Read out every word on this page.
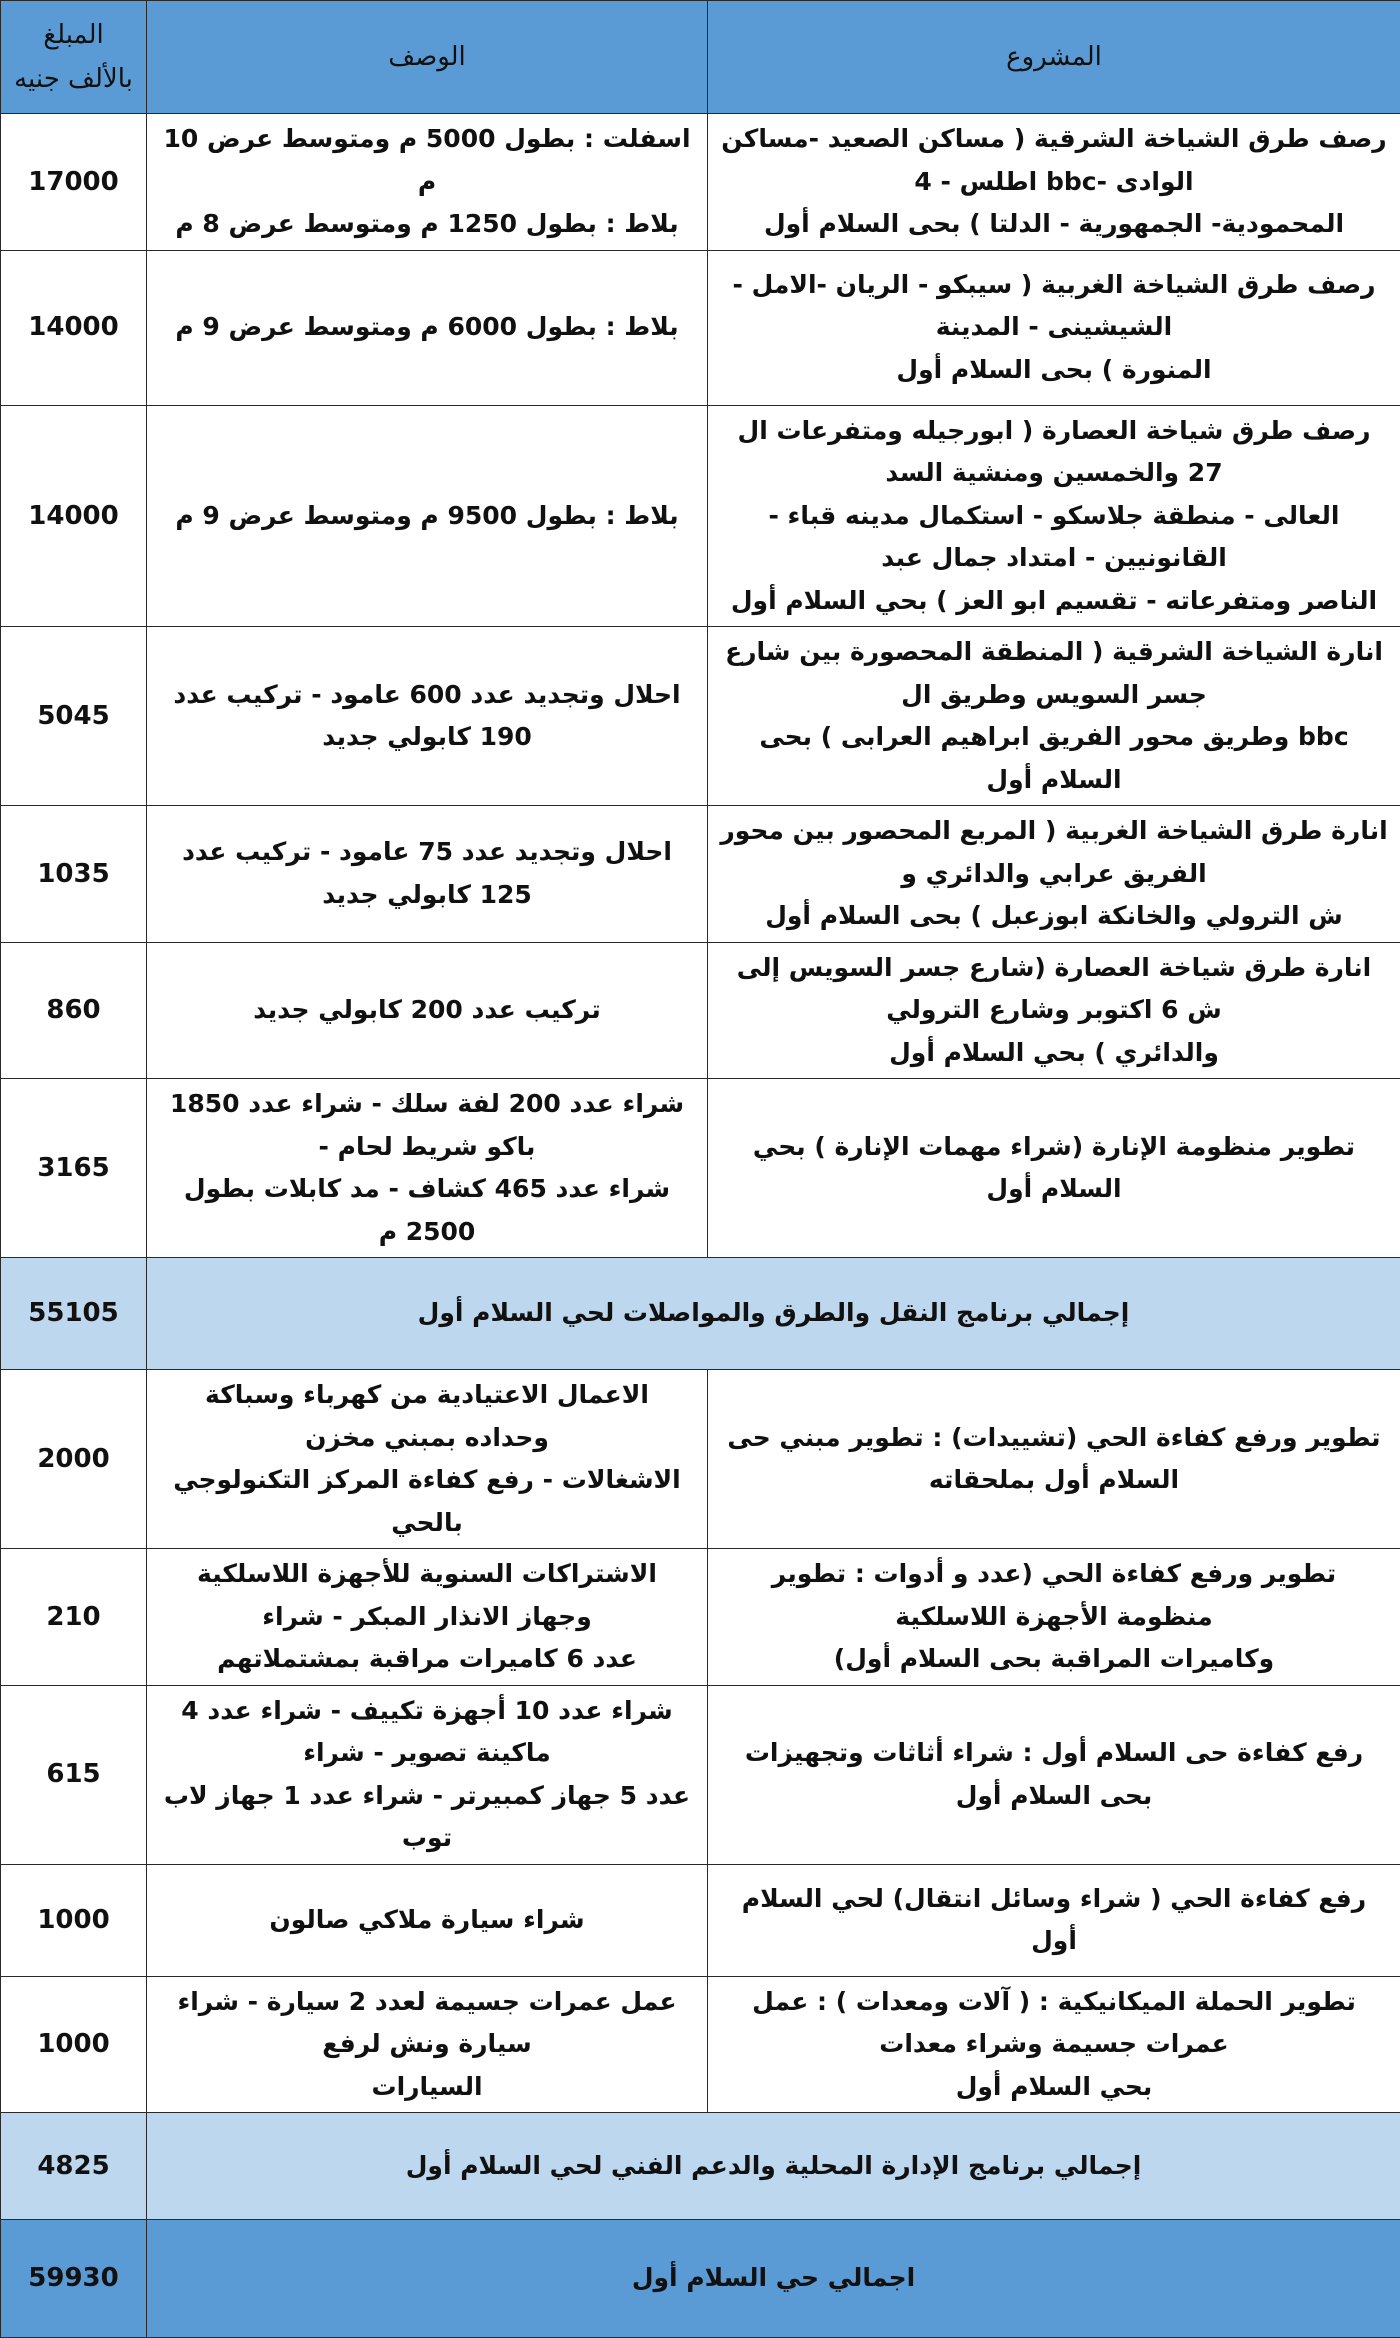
المشروع	الوصف	المبلغ
بالألف جنيه

رصف طرق الشياخة الشرقية ( مساكن الصعيد -مساكن الوادى -bbc اطلس - 4
المحمودية- الجمهورية - الدلتا ) بحى السلام أول	اسفلت : بطول 5000 م ومتوسط عرض 10 م
بلاط : بطول 1250 م ومتوسط عرض 8 م	17000

رصف طرق الشياخة الغربية ( سيبكو - الريان -الامل - الشيشينى - المدينة
المنورة ) بحى السلام أول	بلاط : بطول 6000 م ومتوسط عرض 9 م	14000

رصف طرق شياخة العصارة ( ابورجيله ومتفرعات ال 27 والخمسين ومنشية السد
العالى - منطقة جلاسكو - استكمال مدينه قباء - القانونيين - امتداد جمال عبد
الناصر ومتفرعاته - تقسيم ابو العز ) بحي السلام أول	بلاط : بطول 9500 م ومتوسط عرض 9 م	14000

انارة الشياخة الشرقية ( المنطقة المحصورة بين شارع جسر السويس وطريق ال
bbc وطريق محور الفريق ابراهيم العرابى ) بحى السلام أول	احلال وتجديد عدد 600 عامود - تركيب عدد 190 كابولي جديد	5045

انارة طرق الشياخة الغربية ( المربع المحصور بين محور الفريق عرابي والدائري و
ش الترولي والخانكة ابوزعبل ) بحى السلام أول	احلال وتجديد عدد 75 عامود - تركيب عدد 125 كابولي جديد	1035

انارة طرق شياخة العصارة (شارع جسر السويس إلى ش 6 اكتوبر وشارع الترولي
والدائري ) بحي السلام أول	تركيب عدد 200 كابولي جديد	860

تطوير منظومة الإنارة (شراء مهمات الإنارة ) بحي السلام أول	شراء عدد 200 لفة سلك - شراء عدد 1850 باكو شريط لحام -
شراء عدد 465 كشاف - مد كابلات بطول 2500 م	3165
إجمالي برنامج النقل والطرق والمواصلات لحي السلام أول		55105

تطوير ورفع كفاءة الحي (تشييدات) : تطوير مبني حى السلام أول بملحقاته	الاعمال الاعتيادية من كهرباء وسباكة وحداده بمبني مخزن
الاشغالات - رفع كفاءة المركز التكنولوجي بالحي	2000

تطوير ورفع كفاءة الحي (عدد و أدوات : تطوير منظومة الأجهزة اللاسلكية
وكاميرات المراقبة بحى السلام أول)	الاشتراكات السنوية للأجهزة اللاسلكية وجهاز الانذار المبكر - شراء
عدد 6 كاميرات مراقبة بمشتملاتهم	210

رفع كفاءة حى السلام أول : شراء أثاثات وتجهيزات بحى السلام أول	شراء عدد 10 أجهزة تكييف - شراء عدد 4 ماكينة تصوير - شراء
عدد 5 جهاز كمبيرتر - شراء عدد 1 جهاز لاب توب	615

رفع كفاءة الحي ( شراء وسائل انتقال) لحي السلام أول	شراء سيارة ملاكي صالون	1000

تطوير الحملة الميكانيكية : ( آلات ومعدات ) : عمل عمرات جسيمة وشراء معدات
بحي السلام أول	عمل عمرات جسيمة لعدد 2 سيارة - شراء سيارة ونش لرفع
السيارات	1000
إجمالي برنامج الإدارة المحلية والدعم الفني لحي السلام أول		4825
اجمالي حي السلام أول		59930
